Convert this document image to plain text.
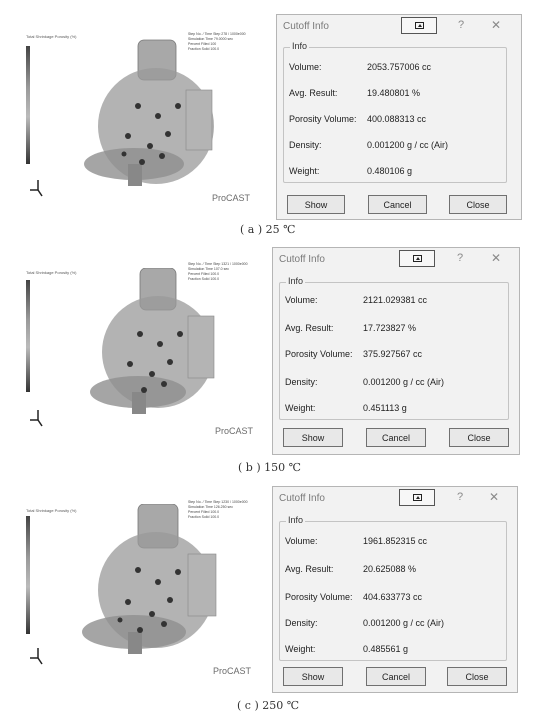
Total Shrinkage Porosity (%)	Step No. / Time Step 278 / 1000e000
Simulation Time 79.0000 sec
Percent Filled 100
Fraction Solid 100.0
ProCAST
Cutoff Info	? ✕
Info
Volume:	2053.757006 cc
Avg. Result:	19.480801 %
Porosity Volume: 400.088313 cc
Density:	0.001200 g / cc (Air)
Weight:	0.480106 g
Show	Cancel	Close
( a ) 25 ℃
Total Shrinkage Porosity (%)
Step No. / Time Step 1321 / 1000e000
Simulation Time 107.0 sec
Percent Filled 100.0
Fraction Solid 100.0
ProCAST
Cutoff Info	? ✕
Info
Volume:	2121.029381 cc
Avg. Result:	17.723827 %
Porosity Volume: 375.927567 cc
Density:	0.001200 g / cc (Air)
Weight:	0.451113 g
Show	Cancel	Close
( b ) 150 ℃
Total Shrinkage Porosity (%)
Step No. / Time Step 1230 / 1000e000
Simulation Time 126.250 sec
Percent Filled 100.0
Fraction Solid 100.0
ProCAST
Cutoff Info	? ✕
Info
Volume:	1961.852315 cc
Avg. Result:	20.625088 %
Porosity Volume: 404.633773 cc
Density:	0.001200 g / cc (Air)
Weight:	0.485561 g
Show	Cancel	Close
( c ) 250 ℃
